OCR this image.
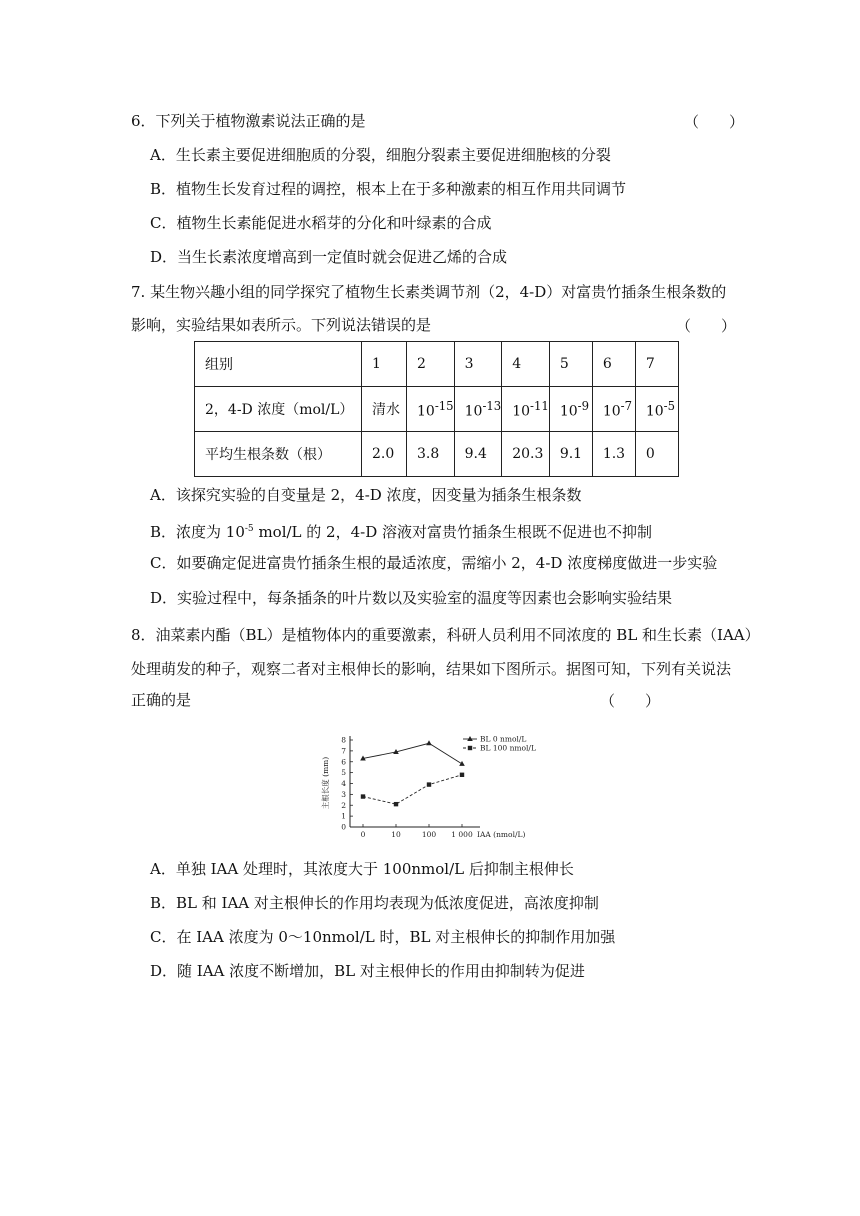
6．下列关于植物激素说法正确的是	（　　）
A．生长素主要促进细胞质的分裂，细胞分裂素主要促进细胞核的分裂
B．植物生长发育过程的调控，根本上在于多种激素的相互作用共同调节
C．植物生长素能促进水稻芽的分化和叶绿素的合成
D．当生长素浓度增高到一定值时就会促进乙烯的合成
7. 某生物兴趣小组的同学探究了植物生长素类调节剂（2，4-D）对富贵竹插条生根条数的
影响，实验结果如表所示。下列说法错误的是	（　　）
组别	1	2	3	4	5	6	7
2，4-D 浓度（mol/L）	清水	$10^{-15}$	$10^{-13}$	$10^{-11}$	$10^{-9}$	$10^{-7}$	$10^{-5}$
平均生根条数（根）	2.0	3.8	9.4	20.3	9.1	1.3	0
A．该探究实验的自变量是 2，4-D 浓度，因变量为插条生根条数
B．浓度为 $10^{-5}$ mol/L 的 2，4-D 溶液对富贵竹插条生根既不促进也不抑制
C．如要确定促进富贵竹插条生根的最适浓度，需缩小 2，4-D 浓度梯度做进一步实验
D．实验过程中，每条插条的叶片数以及实验室的温度等因素也会影响实验结果
8．油菜素内酯（BL）是植物体内的重要激素，科研人员利用不同浓度的 BL 和生长素（IAA）
处理萌发的种子，观察二者对主根伸长的影响，结果如下图所示。据图可知，下列有关说法
正确的是	（　　）
0
1
2
3
4
5
6
7
8
0	10	100 1 000 IAA (nmol/L)
主根长度 (mm)
BL 0 nmol/L
BL 100 nmol/L
A．单独 IAA 处理时，其浓度大于 100nmol/L 后抑制主根伸长
B．BL 和 IAA 对主根伸长的作用均表现为低浓度促进，高浓度抑制
C．在 IAA 浓度为 0～10nmol/L 时，BL 对主根伸长的抑制作用加强
D．随 IAA 浓度不断增加，BL 对主根伸长的作用由抑制转为促进
